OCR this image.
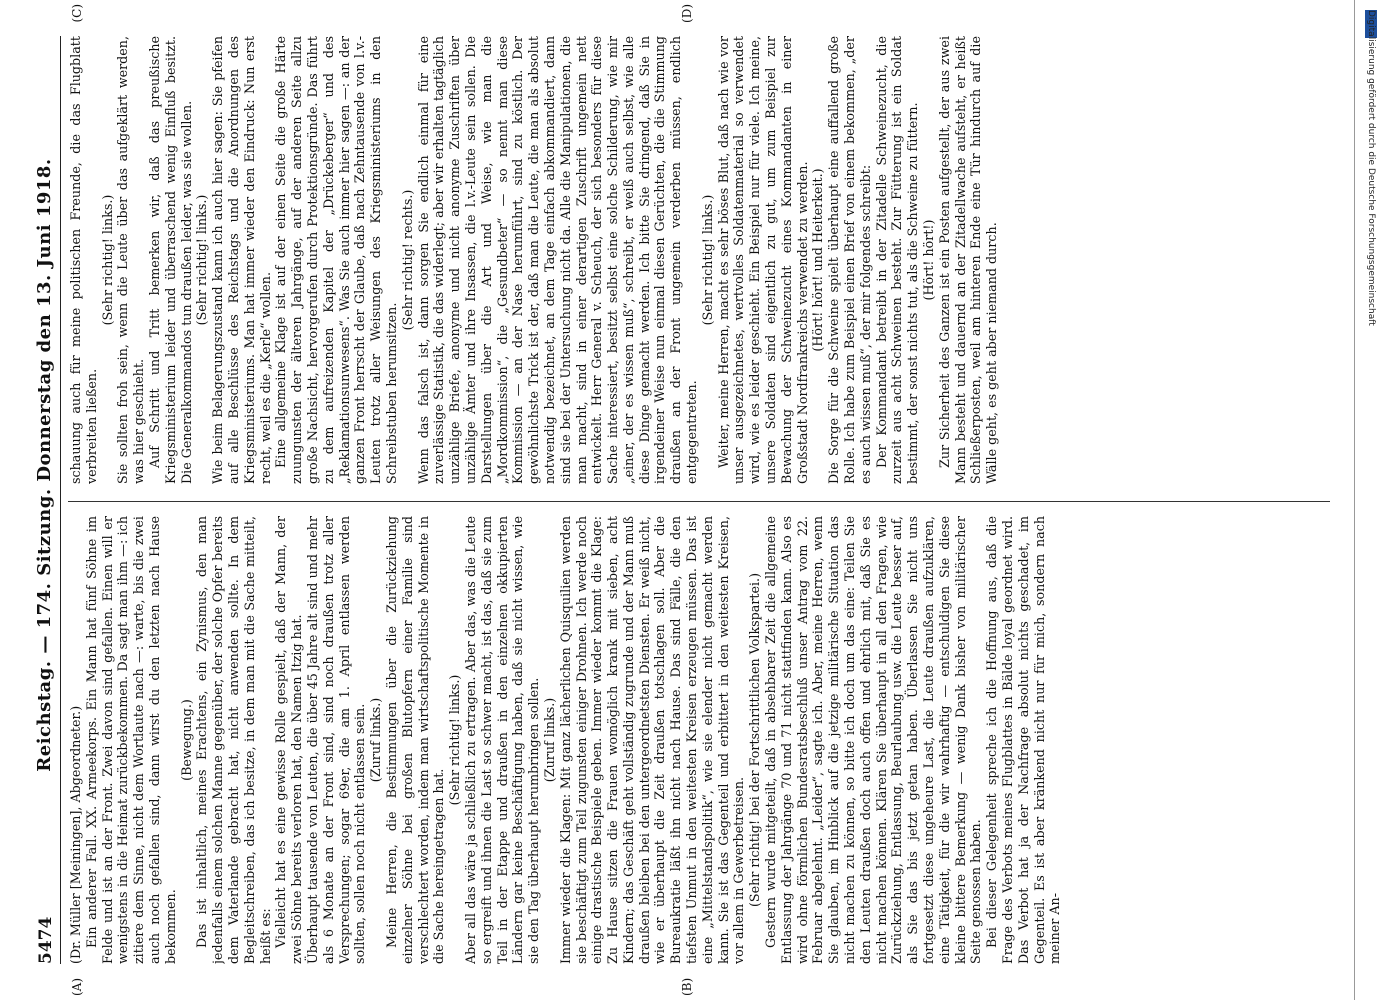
5474
Reichstag. — 174. Sitzung. Donnerstag den 13. Juni 1918.

(Dr. Müller [Meiningen], Abgeordneter.) Ein anderer Fall. XX. Armeekorps. Ein Mann hat fünf Söhne im Felde und ist an der Front. Zwei davon sind gefallen. Einen will er wenigstens in die Heimat zurückbekommen. Da sagt man ihm —: ich zitiere dem Sinne, nicht dem Wortlaute nach —: warte, bis die zwei auch noch gefallen sind, dann wirst du den letzten nach Hause bekommen.

(Bewegung.) Das ist inhaltlich, meines Erachtens, ein Zynismus, den man jedenfalls einem solchen Manne gegenüber, der solche Opfer bereits dem Vaterlande gebracht hat, nicht anwenden sollte. In dem Begleitschreiben, das ich besitze, in dem man mit die Sache mitteilt, heißt es: Vielleicht hat es eine gewisse Rolle gespielt, daß der Mann, der zwei Söhne bereits verloren hat, den Namen Itzig hat. Überhaupt tausende von Leuten, die über 45 Jahre alt sind und mehr als 6 Monate an der Front sind, sind noch draußen trotz aller Versprechungen; sogar 69er, die am 1. April entlassen werden sollten, sollen noch nicht entlassen sein. (Zuruf links.) Meine Herren, die Bestimmungen über die Zurückziehung einzelner Söhne bei großen Blutopfern einer Familie sind verschlechtert worden, indem man wirtschaftspolitische Momente in die Sache hereingetragen hat.

(Sehr richtig! links.) Aber all das wäre ja schließlich zu ertragen. Aber das, was die Leute so ergreift und ihnen die Last so schwer macht, ist das, daß sie zum Teil in der Etappe und draußen in den einzelnen okkupierten Ländern gar keine Beschäftigung haben, daß sie nicht wissen, wie sie den Tag überhaupt herumbringen sollen. (Zuruf links.) Immer wieder die Klagen: Mit ganz lächerlichen Quisquilien werden sie beschäftigt zum Teil zugunsten einiger Drohnen. Ich werde noch einige drastische Beispiele geben. Immer wieder kommt die Klage: Zu Hause sitzen die Frauen womöglich krank mit sieben, acht Kindern; das Geschäft geht vollständig zugrunde und der Mann muß draußen bleiben bei den untergeordnetsten Diensten. Er weiß nicht, wie er überhaupt die Zeit draußen totschlagen soll. Aber die Bureaukratie läßt ihn nicht nach Hause. Das sind Fälle, die den tiefsten Unmut in den weitesten Kreisen erzeugen müssen. Das ist eine „Mittelstandspolitik“, wie sie elender nicht gemacht werden kann. Sie ist das Gegenteil und erbittert in den weitesten Kreisen, vor allem in Gewerbetreisen. (Sehr richtig! bei der Fortschrittlichen Volkspartei.) Gestern wurde mitgeteilt, daß in absehbarer Zeit die allgemeine Entlassung der Jahrgänge 70 und 71 nicht stattfinden kann. Also es wird ohne förmlichen Bundesratsbeschluß unser Antrag vom 22. Februar abgelehnt. „Leider“, sagte ich. Aber, meine Herren, wenn Sie glauben, im Hinblick auf die jetzige militärische Situation das nicht machen zu können, so bitte ich doch um das eine: Teilen Sie den Leuten draußen doch auch offen und ehrlich mit, daß Sie es nicht machen können. Klären Sie überhaupt in all den Fragen, wie Zurückziehung, Entlassung, Beurlaubung usw. die Leute besser auf, als Sie das bis jetzt getan haben. Überlassen Sie nicht uns fortgesetzt diese ungeheure Last, die Leute draußen aufzuklären, eine Tätigkeit, für die wir wahrhaftig — entschuldigen Sie diese kleine bittere Bemerkung — wenig Dank bisher von militärischer Seite genossen haben. Bei dieser Gelegenheit spreche ich die Hoffnung aus, daß die Frage des Verbots meines Flugblattes in Bälde loyal geordnet wird. Das Verbot hat ja der Nachfrage absolut nichts geschadet, im Gegenteil. Es ist aber kränkend nicht nur für mich, sondern nach meiner An-

schauung auch für meine politischen Freunde, die das Flugblatt verbreiten ließen.

(Sehr richtig! links.) Sie sollten froh sein, wenn die Leute über das aufgeklärt werden, was hier geschieht. Auf Schritt und Tritt bemerken wir, daß das preußische Kriegsministerium leider und überraschend wenig Einfluß besitzt. Die Generalkommandos tun draußen leider, was sie wollen. (Sehr richtig! links.) Wie beim Belagerungszustand kann ich auch hier sagen: Sie pfeifen auf alle Beschlüsse des Reichstags und die Anordnungen des Kriegsministeriums. Man hat immer wieder den Eindruck: Nun erst recht, weil es die „Kerle“ wollen. Eine allgemeine Klage ist auf der einen Seite die große Härte zuungunsten der älteren Jahrgänge, auf der anderen Seite allzu große Nachsicht, hervorgerufen durch Protektionsgründe. Das führt zu dem aufreizenden Kapitel der „Drückeberger“ und des „Reklamationsunwesens“. Was Sie auch immer hier sagen —: an der ganzen Front herrscht der Glaube, daß nach Zehntausende von l.v.-Leuten trotz aller Weisungen des Kriegsministeriums in den Schreibstuben herumsitzen.

(Sehr richtig! rechts.) Wenn das falsch ist, dann sorgen Sie endlich einmal für eine zuverlässige Statistik, die das widerlegt; aber wir erhalten tagtäglich unzählige Briefe, anonyme und nicht anonyme Zuschriften über unzählige Ämter und ihre Insassen, die l.v.-Leute sein sollen. Die Darstellungen über die Art und Weise, wie man die „Mordkommission“, die „Gesundbeter“ — so nennt man diese Kommission — an der Nase herumführt, sind zu köstlich. Der gewöhnlichste Trick ist der, daß man die Leute, die man als absolut notwendig bezeichnet, an dem Tage einfach abkommandiert, dann sind sie bei der Untersuchung nicht da. Alle die Manipulationen, die man macht, sind in einer derartigen Zuschrift ungemein nett entwickelt. Herr General v. Scheuch, der sich besonders für diese Sache interessiert, besitzt selbst eine solche Schilderung, wie mir „einer, der es wissen muß“, schreibt, er weiß auch selbst, wie alle diese Dinge gemacht werden. Ich bitte Sie dringend, daß Sie in irgendeiner Weise nun einmal diesen Gerüchten, die die Stimmung draußen an der Front ungemein verderben müssen, endlich entgegentreten.

(Sehr richtig! links.) Weiter, meine Herren, macht es sehr böses Blut, daß nach wie vor unser ausgezeichnetes, wertvolles Soldatenmaterial so verwendet wird, wie es leider geschieht. Ein Beispiel nur für viele. Ich meine, unsere Soldaten sind eigentlich zu gut, um zum Beispiel zur Bewachung der Schweinezucht eines Kommandanten in einer Großstadt Nordfrankreichs verwendet zu werden. (Hört! hört! und Heiterkeit.) Die Sorge für die Schweine spielt überhaupt eine auffallend große Rolle. Ich habe zum Beispiel einen Brief von einem bekommen, „der es auch wissen muß“, der mir folgendes schreibt: Der Kommandant betreibt in der Zitadelle Schweinezucht, die zurzeit aus acht Schweinen besteht. Zur Fütterung ist ein Soldat bestimmt, der sonst nichts tut, als die Schweine zu füttern. (Hört! hört!) Zur Sicherheit des Ganzen ist ein Posten aufgestellt, der aus zwei Mann besteht und dauernd an der Zitadellwache aufsteht, er heißt Schließerposten, weil am hinteren Ende eine Tür hindurch auf die Wälle geht, es geht aber niemand durch.

(A)	(B)
(C)	(D)	Digitalisierung gefördert durch die Deutsche Forschungsgemeinschaft
